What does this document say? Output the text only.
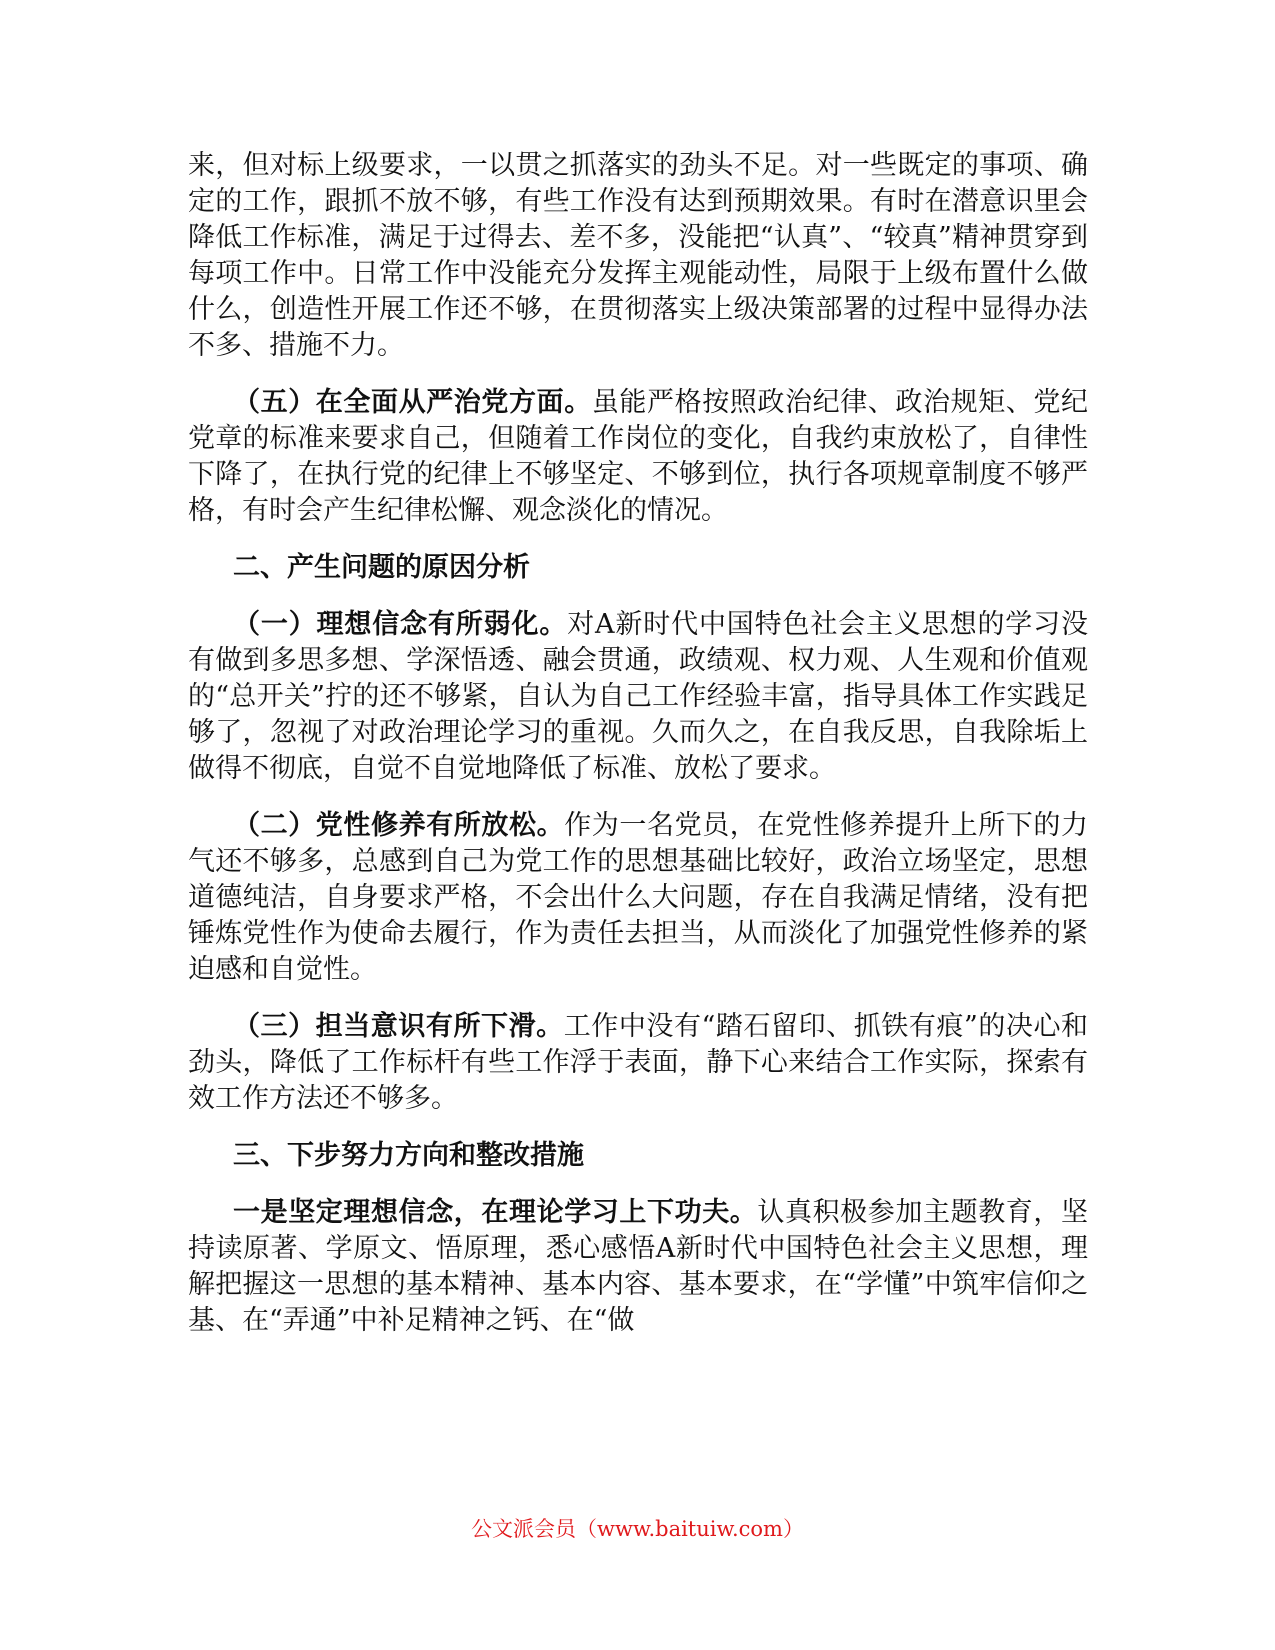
来，但对标上级要求，一以贯之抓落实的劲头不足。对一些既定的事项、确定的工作，跟抓不放不够，有些工作没有达到预期效果。有时在潜意识里会降低工作标准，满足于过得去、差不多，没能把“认真”、“较真”精神贯穿到每项工作中。日常工作中没能充分发挥主观能动性，局限于上级布置什么做什么，创造性开展工作还不够，在贯彻落实上级决策部署的过程中显得办法不多、措施不力。

（五）在全面从严治党方面。虽能严格按照政治纪律、政治规矩、党纪党章的标准来要求自己，但随着工作岗位的变化，自我约束放松了，自律性下降了，在执行党的纪律上不够坚定、不够到位，执行各项规章制度不够严格，有时会产生纪律松懈、观念淡化的情况。

二、产生问题的原因分析

（一）理想信念有所弱化。对A新时代中国特色社会主义思想的学习没有做到多思多想、学深悟透、融会贯通，政绩观、权力观、人生观和价值观的“总开关”拧的还不够紧，自认为自己工作经验丰富，指导具体工作实践足够了，忽视了对政治理论学习的重视。久而久之，在自我反思，自我除垢上做得不彻底，自觉不自觉地降低了标准、放松了要求。

（二）党性修养有所放松。作为一名党员，在党性修养提升上所下的力气还不够多，总感到自己为党工作的思想基础比较好，政治立场坚定，思想道德纯洁，自身要求严格，不会出什么大问题，存在自我满足情绪，没有把锤炼党性作为使命去履行，作为责任去担当，从而淡化了加强党性修养的紧迫感和自觉性。

（三）担当意识有所下滑。工作中没有“踏石留印、抓铁有痕”的决心和劲头，降低了工作标杆有些工作浮于表面，静下心来结合工作实际，探索有效工作方法还不够多。

三、下步努力方向和整改措施

一是坚定理想信念，在理论学习上下功夫。认真积极参加主题教育，坚持读原著、学原文、悟原理，悉心感悟A新时代中国特色社会主义思想，理解把握这一思想的基本精神、基本内容、基本要求，在“学懂”中筑牢信仰之基、在“弄通”中补足精神之钙、在“做

公文派会员（www.baituiw.com）
